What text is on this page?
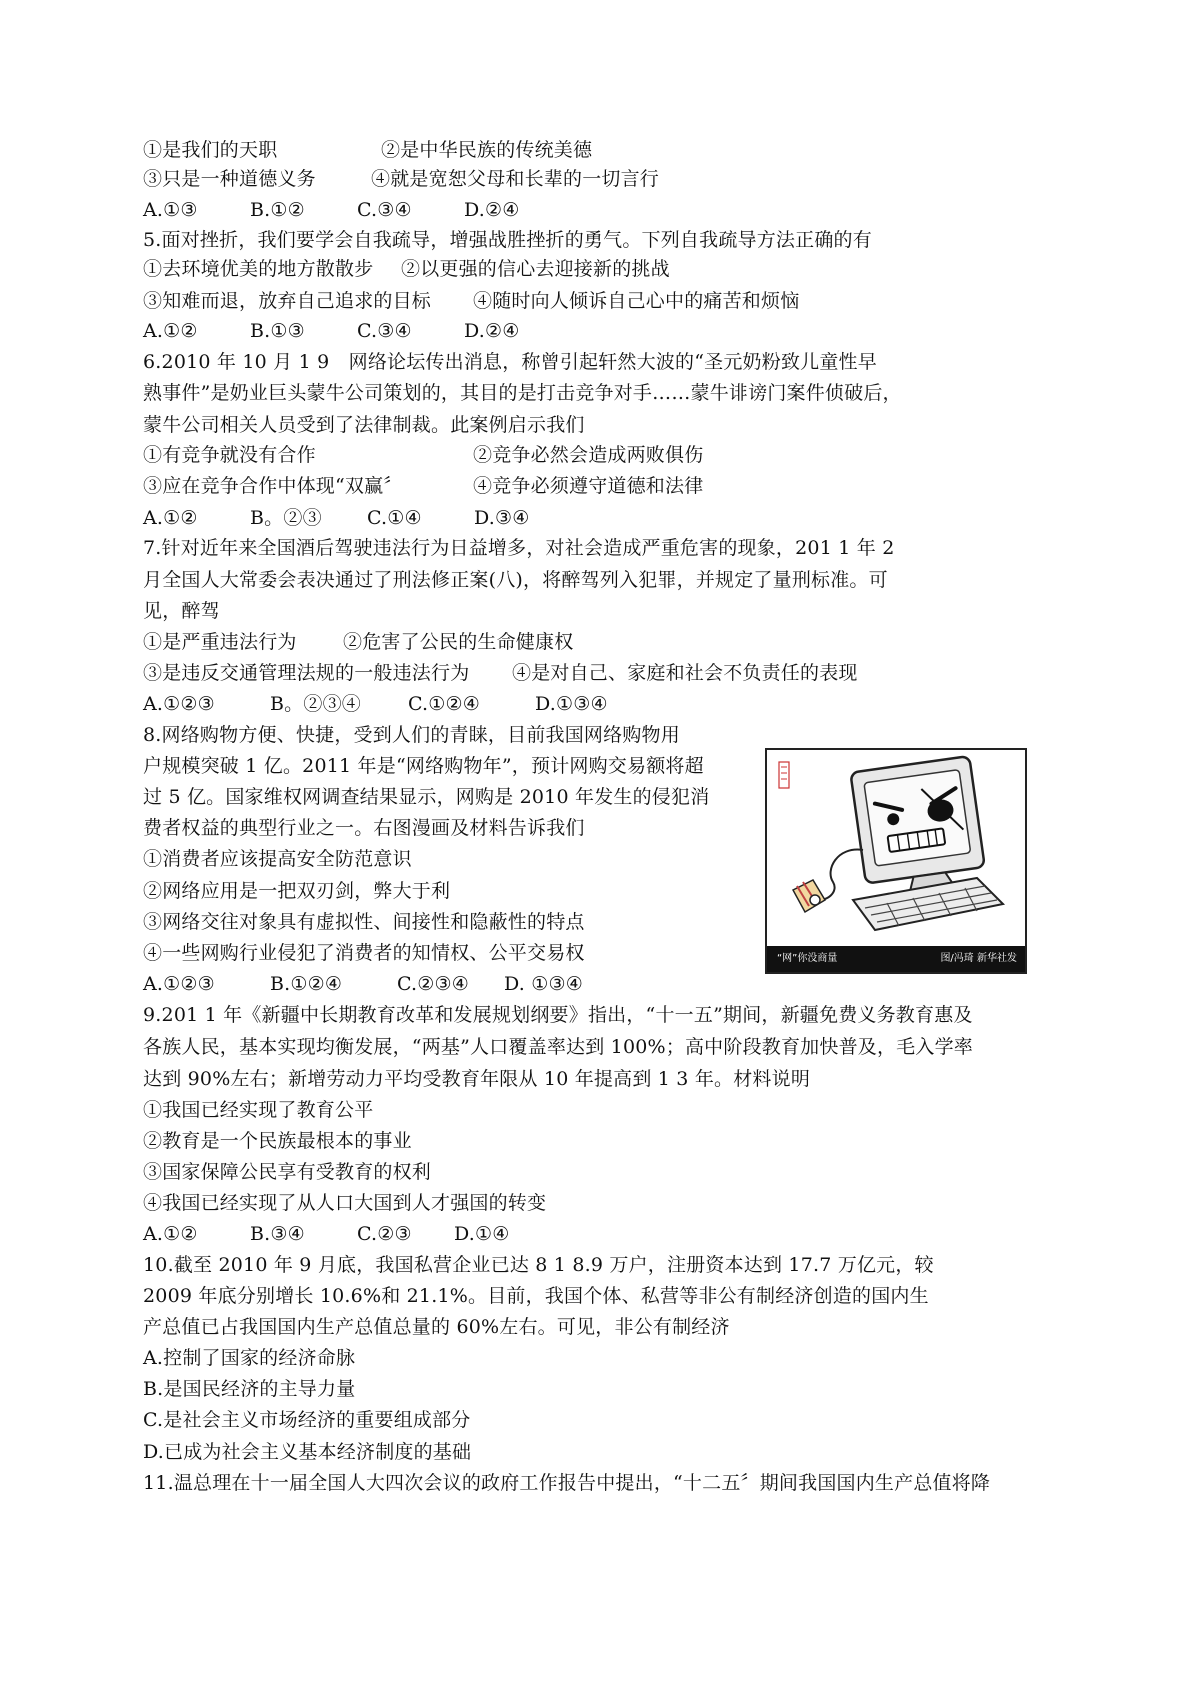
①是我们的天职	②是中华民族的传统美德
③只是一种道德义务	④就是宽恕父母和长辈的一切言行
A.①③	B.①②	C.③④	D.②④
5.面对挫折，我们要学会自我疏导，增强战胜挫折的勇气。下列自我疏导方法正确的有
①去环境优美的地方散散步 ②以更强的信心去迎接新的挑战
③知难而退，放弃自己追求的目标 ④随时向人倾诉自己心中的痛苦和烦恼
A.①②	B.①③	C.③④	D.②④
6.2010 年 10 月 1 9　网络论坛传出消息，称曾引起轩然大波的“圣元奶粉致儿童性早
熟事件”是奶业巨头蒙牛公司策划的，其目的是打击竞争对手……蒙牛诽谤门案件侦破后，
蒙牛公司相关人员受到了法律制裁。此案例启示我们
①有竞争就没有合作	②竞争必然会造成两败俱伤
③应在竞争合作中体现“双赢〞	④竞争必须遵守道德和法律
A.①②	B。②③ C.①④	D.③④
7.针对近年来全国酒后驾驶违法行为日益增多，对社会造成严重危害的现象，201 1 年 2
月全国人大常委会表决通过了刑法修正案(八)，将醉驾列入犯罪，并规定了量刑标准。可
见，醉驾
①是严重违法行为 ②危害了公民的生命健康权
③是违反交通管理法规的一般违法行为 ④是对自己、家庭和社会不负责任的表现
A.①②③	B。②③④ C.①②④	D.①③④
8.网络购物方便、快捷，受到人们的青睐，目前我国网络购物用
户规模突破 1 亿。2011 年是“网络购物年”，预计网购交易额将超
过 5 亿。国家维权网调查结果显示，网购是 2010 年发生的侵犯消
费者权益的典型行业之一。右图漫画及材料告诉我们
①消费者应该提高安全防范意识
②网络应用是一把双刃剑，弊大于利
③网络交往对象具有虚拟性、间接性和隐蔽性的特点
④一些网购行业侵犯了消费者的知情权、公平交易权
A.①②③	B.①②④	C.②③④ D. ①③④
“网”你没商量	图/冯琦 新华社发
9.201 1 年《新疆中长期教育改革和发展规划纲要》指出，“十一五”期间，新疆免费义务教育惠及
各族人民，基本实现均衡发展，“两基”人口覆盖率达到 100%；高中阶段教育加快普及，毛入学率
达到 90%左右；新增劳动力平均受教育年限从 10 年提高到 1 3 年。材料说明
①我国已经实现了教育公平
②教育是一个民族最根本的事业
③国家保障公民享有受教育的权利
④我国已经实现了从人口大国到人才强国的转变
A.①②	B.③④	C.②③ D.①④
10.截至 2010 年 9 月底，我国私营企业已达 8 1 8.9 万户，注册资本达到 17.7 万亿元，较
2009 年底分别增长 10.6%和 21.1%。目前，我国个体、私营等非公有制经济创造的国内生
产总值已占我国国内生产总值总量的 60%左右。可见，非公有制经济
A.控制了国家的经济命脉
B.是国民经济的主导力量
C.是社会主义市场经济的重要组成部分
D.已成为社会主义基本经济制度的基础
11.温总理在十一届全国人大四次会议的政府工作报告中提出，“十二五〞期间我国国内生产总值将降
